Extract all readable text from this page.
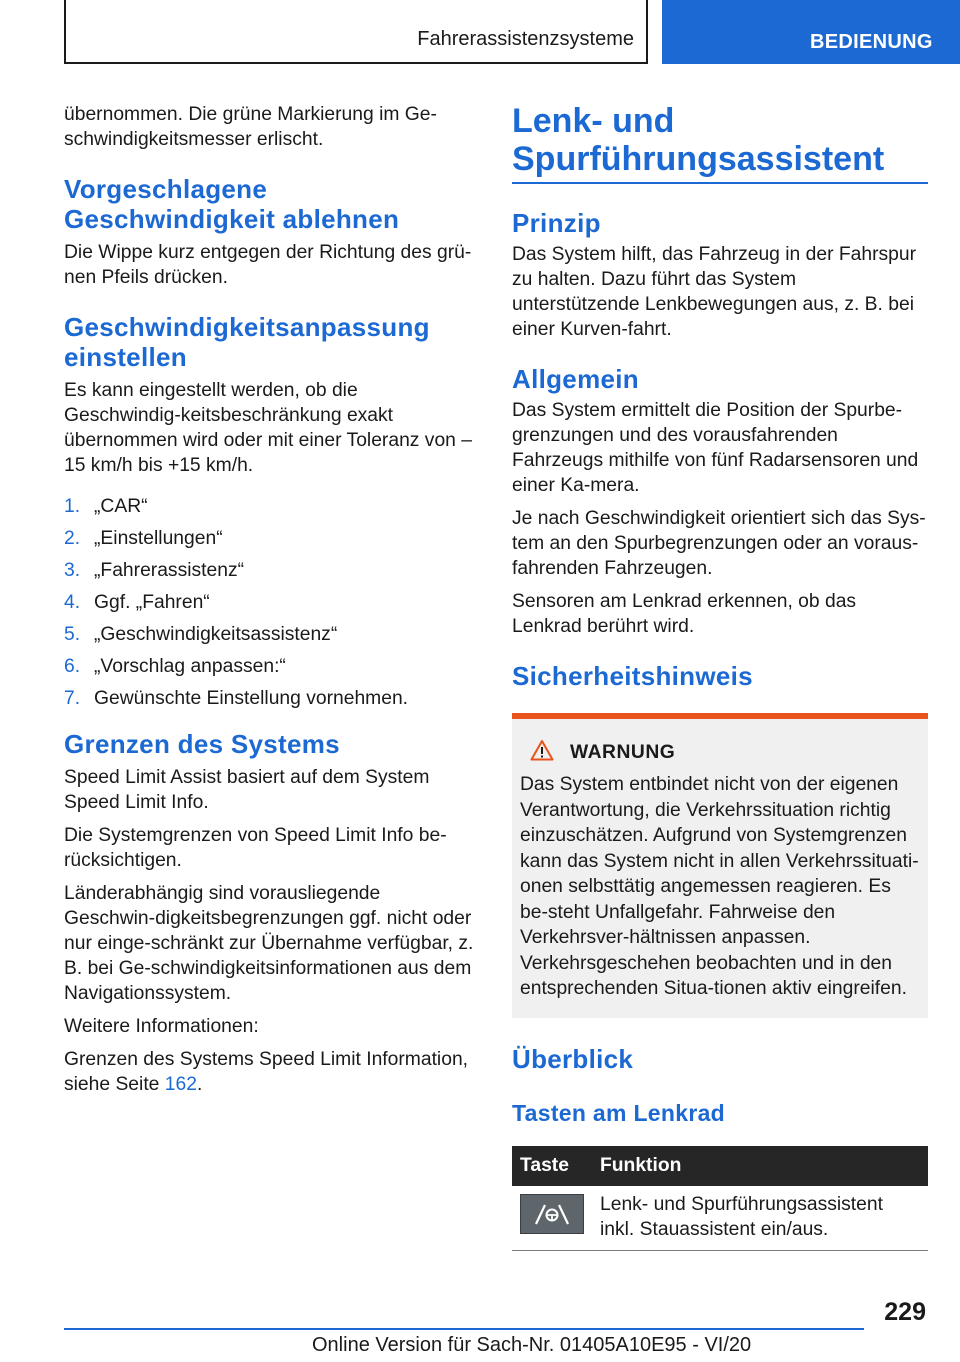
Fahrerassistenzsysteme	BEDIENUNG

übernommen. Die grüne Markierung im Ge-schwindigkeitsmesser erlischt.

Vorgeschlagene Geschwindigkeit ablehnen

Die Wippe kurz entgegen der Richtung des grü-nen Pfeils drücken.

Geschwindigkeitsanpassung einstellen

Es kann eingestellt werden, ob die Geschwindig-keitsbeschränkung exakt übernommen wird oder mit einer Toleranz von –15 km/h bis +15 km/h.

1. „CAR“
2. „Einstellungen“
3. „Fahrerassistenz“
4. Ggf. „Fahren“
5. „Geschwindigkeitsassistenz“
6. „Vorschlag anpassen:“
7. Gewünschte Einstellung vornehmen.
Grenzen des Systems

Speed Limit Assist basiert auf dem System Speed Limit Info.

Die Systemgrenzen von Speed Limit Info be-rücksichtigen.

Länderabhängig sind vorausliegende Geschwin-digkeitsbegrenzungen ggf. nicht oder nur einge-schränkt zur Übernahme verfügbar, z. B. bei Ge-schwindigkeitsinformationen aus dem Navigationssystem.

Weitere Informationen:

Grenzen des Systems Speed Limit Information, siehe Seite 162.

Lenk- und Spurführungsassistent
Prinzip

Das System hilft, das Fahrzeug in der Fahrspur zu halten. Dazu führt das System unterstützende Lenkbewegungen aus, z. B. bei einer Kurven-fahrt.

Allgemein

Das System ermittelt die Position der Spurbe-grenzungen und des vorausfahrenden Fahrzeugs mithilfe von fünf Radarsensoren und einer Ka-mera.

Je nach Geschwindigkeit orientiert sich das Sys-tem an den Spurbegrenzungen oder an voraus-fahrenden Fahrzeugen.

Sensoren am Lenkrad erkennen, ob das Lenkrad berührt wird.

Sicherheitshinweis
WARNUNG

Das System entbindet nicht von der eigenen Verantwortung, die Verkehrssituation richtig einzuschätzen. Aufgrund von Systemgrenzen kann das System nicht in allen Verkehrssituati-onen selbsttätig angemessen reagieren. Es be-steht Unfallgefahr. Fahrweise den Verkehrsver-hältnissen anpassen. Verkehrsgeschehen beobachten und in den entsprechenden Situa-tionen aktiv eingreifen.

Überblick
Tasten am Lenkrad
Taste	Funktion

	Lenk- und Spurführungsassistent inkl. Stauassistent ein/aus.
229
Online Version für Sach-Nr. 01405A10E95 - VI/20
